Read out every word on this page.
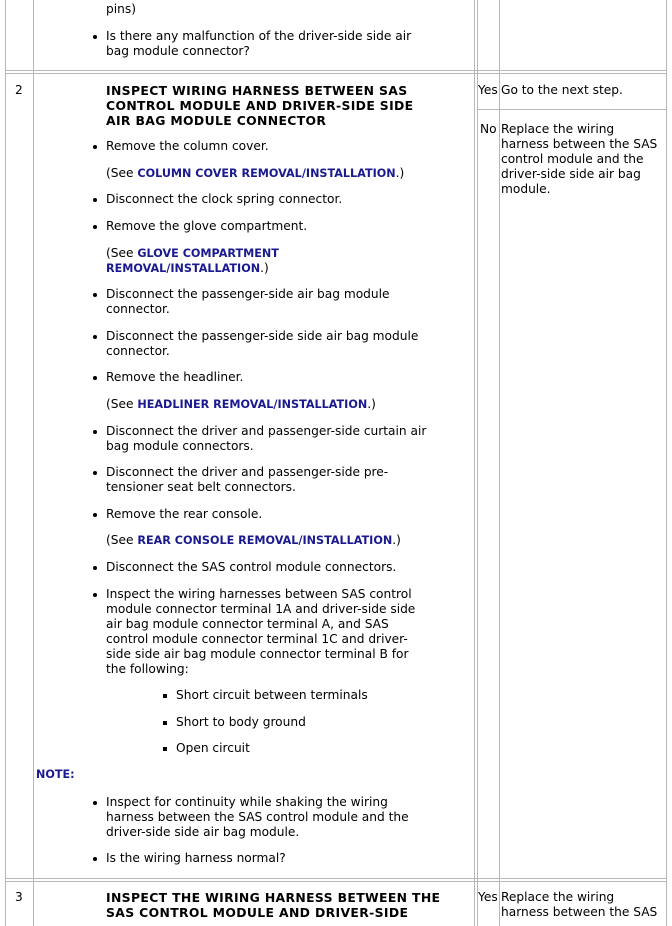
pins)
Is there any malfunction of the driver-side side air
bag module connector?
2	INSPECT WIRING HARNESS BETWEEN SAS
CONTROL MODULE AND DRIVER-SIDE SIDE
AIR BAG MODULE CONNECTOR
Yes Go to the next step.
No Replace the wiring
harness between the SAS
control module and the
driver-side side air bag
module.
Remove the column cover.
(See COLUMN COVER REMOVAL/INSTALLATION.)
Disconnect the clock spring connector.
Remove the glove compartment.
(See GLOVE COMPARTMENT
REMOVAL/INSTALLATION.)
Disconnect the passenger-side air bag module
connector.
Disconnect the passenger-side side air bag module
connector.
Remove the headliner.
(See HEADLINER REMOVAL/INSTALLATION.)
Disconnect the driver and passenger-side curtain air
bag module connectors.
Disconnect the driver and passenger-side pre-
tensioner seat belt connectors.
Remove the rear console.
(See REAR CONSOLE REMOVAL/INSTALLATION.)
Disconnect the SAS control module connectors.
Inspect the wiring harnesses between SAS control
module connector terminal 1A and driver-side side
air bag module connector terminal A, and SAS
control module connector terminal 1C and driver-
side side air bag module connector terminal B for
the following:
Short circuit between terminals
Short to body ground
Open circuit
NOTE:
Inspect for continuity while shaking the wiring
harness between the SAS control module and the
driver-side side air bag module.
Is the wiring harness normal?
3	INSPECT THE WIRING HARNESS BETWEEN THE
SAS CONTROL MODULE AND DRIVER-SIDE
Yes Replace the wiring
harness between the SAS
